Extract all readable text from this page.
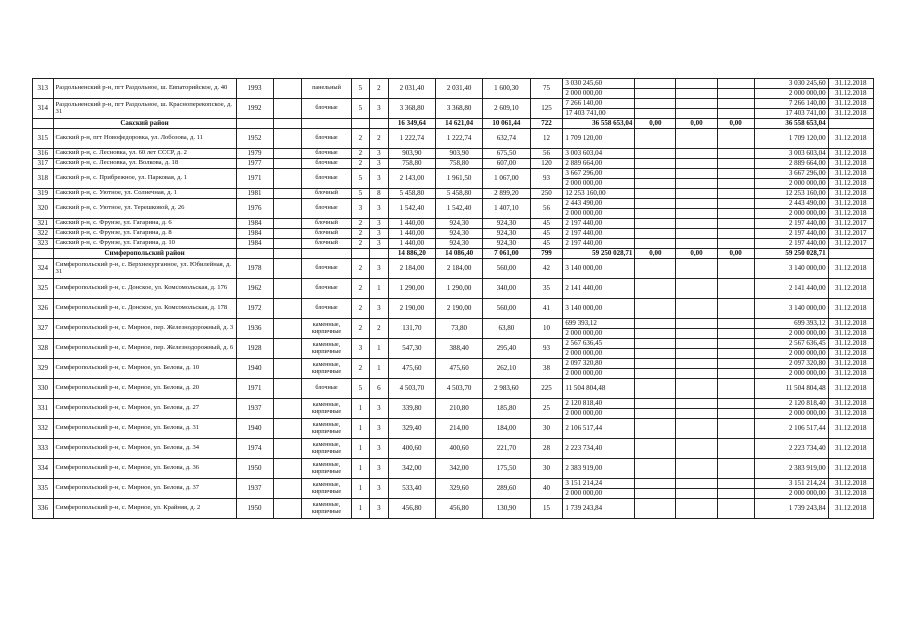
313	Раздольненский р-н, пгт Раздольное, ш. Евпаторийское, д. 40	1993		панельный	5	2	2 031,40	2 031,40	1 600,30	75	3 030 245,60				3 030 245,60	31.12.2018
											2 000 000,00				2 000 000,00	31.12.2018
314	Раздольненский р-н, пгт Раздольное, ш. Красноперекопское, д. 31	1992		блочные	5	3	3 368,80	3 368,80	2 609,10	125	7 266 140,00				7 266 140,00	31.12.2018
											17 403 741,00				17 403 741,00	31.12.2018
	Сакский район						16 349,64	14 621,04	10 061,44	722	36 558 653,04	0,00	0,00	0,00	36 558 653,04	
315	Сакский р-н, пгт Новофедоровка, ул. Лобозова, д. 11	1952		блочные	2	2	1 222,74	1 222,74	632,74	12	1 709 120,00				1 709 120,00	31.12.2018
316	Сакский р-н, с. Лесновка, ул. 60 лет СССР, д. 2	1979		блочные	2	3	903,90	903,90	675,50	56	3 003 603,04				3 003 603,04	31.12.2018
317	Сакский р-н, с. Лесновка, ул. Волкова, д. 18	1977		блочные	2	3	758,80	758,80	607,00	120	2 889 664,00				2 889 664,00	31.12.2018
318	Сакский р-н, с. Прибрежное, ул. Парковая, д. 1	1971		блочные	5	3	2 143,00	1 961,50	1 067,00	93	3 667 296,00				3 667 296,00	31.12.2018
											2 000 000,00				2 000 000,00	31.12.2018
319	Сакский р-н, с. Уютное, ул. Солнечная, д. 1	1981		блочный	5	8	5 458,80	5 458,80	2 899,20	250	12 253 160,00				12 253 160,00	31.12.2018
320	Сакский р-н, с. Уютное, ул. Терешковой, д. 26	1976		блочные	3	3	1 542,40	1 542,40	1 407,10	56	2 443 490,00				2 443 490,00	31.12.2018
											2 000 000,00				2 000 000,00	31.12.2018
321	Сакский р-н, с. Фрунзе, ул. Гагарина, д. 6	1984		блочный	2	3	1 440,00	924,30	924,30	45	2 197 440,00				2 197 440,00	31.12.2017
322	Сакский р-н, с. Фрунзе, ул. Гагарина, д. 8	1984		блочный	2	3	1 440,00	924,30	924,30	45	2 197 440,00				2 197 440,00	31.12.2017
323	Сакский р-н, с. Фрунзе, ул. Гагарина, д. 10	1984		блочный	2	3	1 440,00	924,30	924,30	45	2 197 440,00				2 197 440,00	31.12.2017
	Симферопольский район						14 886,20	14 086,40	7 061,00	799	59 250 028,71	0,00	0,00	0,00	59 250 028,71	
324	Симферопольский р-н, с. Верхнекурганное, ул. Юбилейная, д. 31	1978		блочные	2	3	2 184,00	2 184,00	560,00	42	3 140 000,00				3 140 000,00	31.12.2018
325	Симферопольский р-н, с. Донское, ул. Комсомольская, д. 176	1962		блочные	2	1	1 290,00	1 290,00	340,00	35	2 141 440,00				2 141 440,00	31.12.2018
326	Симферопольский р-н, с. Донское, ул. Комсомольская, д. 178	1972		блочные	2	3	2 190,00	2 190,00	560,00	41	3 140 000,00				3 140 000,00	31.12.2018
327	Симферопольский р-н, с. Мирное, пер. Железнодорожный, д. 3	1936		каменные, кирпичные	2	2	131,70	73,80	63,80	10	699 393,12				699 393,12	31.12.2018
											2 000 000,00				2 000 000,00	31.12.2018
328	Симферопольский р-н, с. Мирное, пер. Железнодорожный, д. 6	1928		каменные, кирпичные	3	1	547,30	388,40	295,40	93	2 567 636,45				2 567 636,45	31.12.2018
											2 000 000,00				2 000 000,00	31.12.2018
329	Симферопольский р-н, с. Мирное, ул. Белова, д. 10	1940		каменные, кирпичные	2	1	475,60	475,60	262,10	38	2 097 320,80				2 097 320,80	31.12.2018
											2 000 000,00				2 000 000,00	31.12.2018
330	Симферопольский р-н, с. Мирное, ул. Белова, д. 20	1971		блочные	5	6	4 503,70	4 503,70	2 983,60	225	11 504 804,48				11 504 804,48	31.12.2018
331	Симферопольский р-н, с. Мирное, ул. Белова, д. 27	1937		каменные, кирпичные	1	3	339,80	210,80	185,80	25	2 120 818,40				2 120 818,40	31.12.2018
											2 000 000,00				2 000 000,00	31.12.2018
332	Симферопольский р-н, с. Мирное, ул. Белова, д. 31	1940		каменные, кирпичные	1	3	329,40	214,00	184,00	30	2 106 517,44				2 106 517,44	31.12.2018
333	Симферопольский р-н, с. Мирное, ул. Белова, д. 34	1974		каменные, кирпичные	1	3	400,60	400,60	221,70	28	2 223 734,40				2 223 734,40	31.12.2018
334	Симферопольский р-н, с. Мирное, ул. Белова, д. 36	1950		каменные, кирпичные	1	3	342,00	342,00	175,50	30	2 383 919,00				2 383 919,00	31.12.2018
335	Симферопольский р-н, с. Мирное, ул. Белова, д. 37	1937		каменные, кирпичные	1	3	533,40	329,60	289,60	40	3 151 214,24				3 151 214,24	31.12.2018
											2 000 000,00				2 000 000,00	31.12.2018
336	Симферопольский р-н, с. Мирное, ул. Крайняя, д. 2	1950		каменные, кирпичные	1	3	456,80	456,80	130,90	15	1 739 243,84				1 739 243,84	31.12.2018
